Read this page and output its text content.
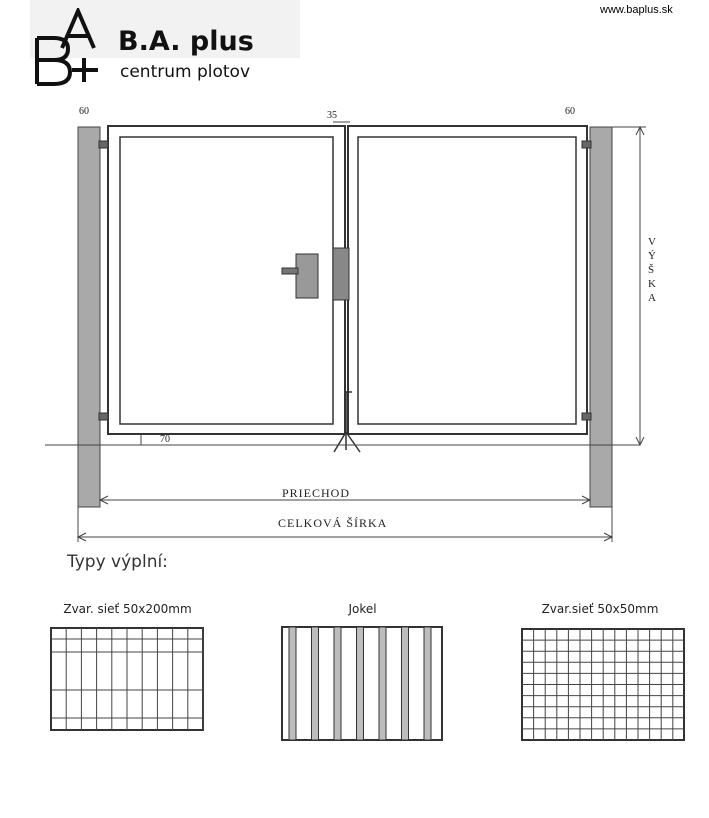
B.A. plus
centrum plotov
www.baplus.sk
60	35	60
70
V Ý Š K A
PRIECHOD
CELKOVÁ ŠÍRKA
Typy výplní:
Zvar. sieť 50x200mm	Jokel	Zvar.sieť 50x50mm
